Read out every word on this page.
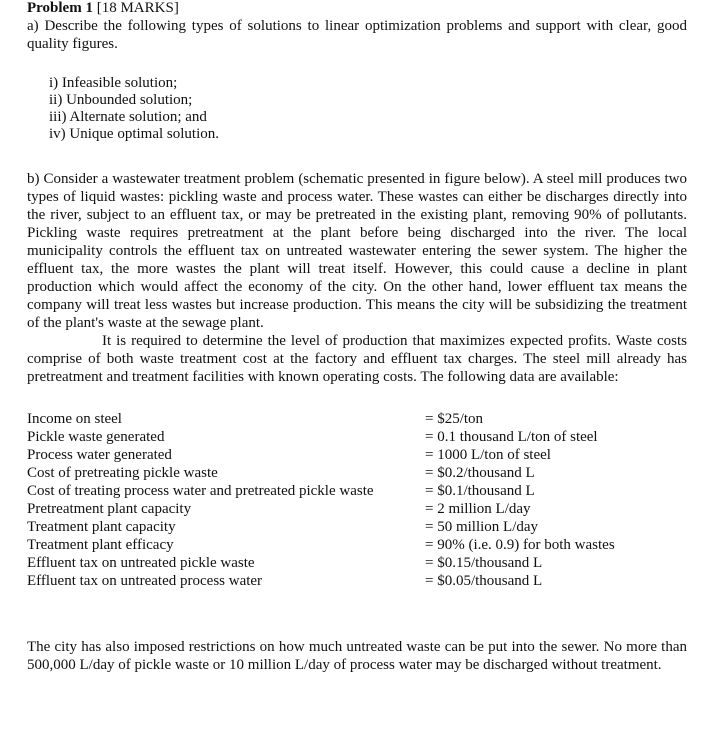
Problem 1 [18 MARKS]

a) Describe the following types of solutions to linear optimization problems and support with clear, good quality figures.

i) Infeasible solution;
ii) Unbounded solution;
iii) Alternate solution; and
iv) Unique optimal solution.

b) Consider a wastewater treatment problem (schematic presented in figure below). A steel mill produces two types of liquid wastes: pickling waste and process water. These wastes can either be discharges directly into the river, subject to an effluent tax, or may be pretreated in the existing plant, removing 90% of pollutants. Pickling waste requires pretreatment at the plant before being discharged into the river. The local municipality controls the effluent tax on untreated wastewater entering the sewer system. The higher the effluent tax, the more wastes the plant will treat itself. However, this could cause a decline in plant production which would affect the economy of the city. On the other hand, lower effluent tax means the company will treat less wastes but increase production. This means the city will be subsidizing the treatment of the plant's waste at the sewage plant.

It is required to determine the level of production that maximizes expected profits. Waste costs comprise of both waste treatment cost at the factory and effluent tax charges. The steel mill already has pretreatment and treatment facilities with known operating costs. The following data are available:

Income on steel	= $25/ton
Pickle waste generated	= 0.1 thousand L/ton of steel
Process water generated	= 1000 L/ton of steel
Cost of pretreating pickle waste	= $0.2/thousand L
Cost of treating process water and pretreated pickle waste	= $0.1/thousand L
Pretreatment plant capacity	= 2 million L/day
Treatment plant capacity	= 50 million L/day
Treatment plant efficacy	= 90% (i.e. 0.9) for both wastes
Effluent tax on untreated pickle waste	= $0.15/thousand L
Effluent tax on untreated process water	= $0.05/thousand L

The city has also imposed restrictions on how much untreated waste can be put into the sewer. No more than 500,000 L/day of pickle waste or 10 million L/day of process water may be discharged without treatment.
